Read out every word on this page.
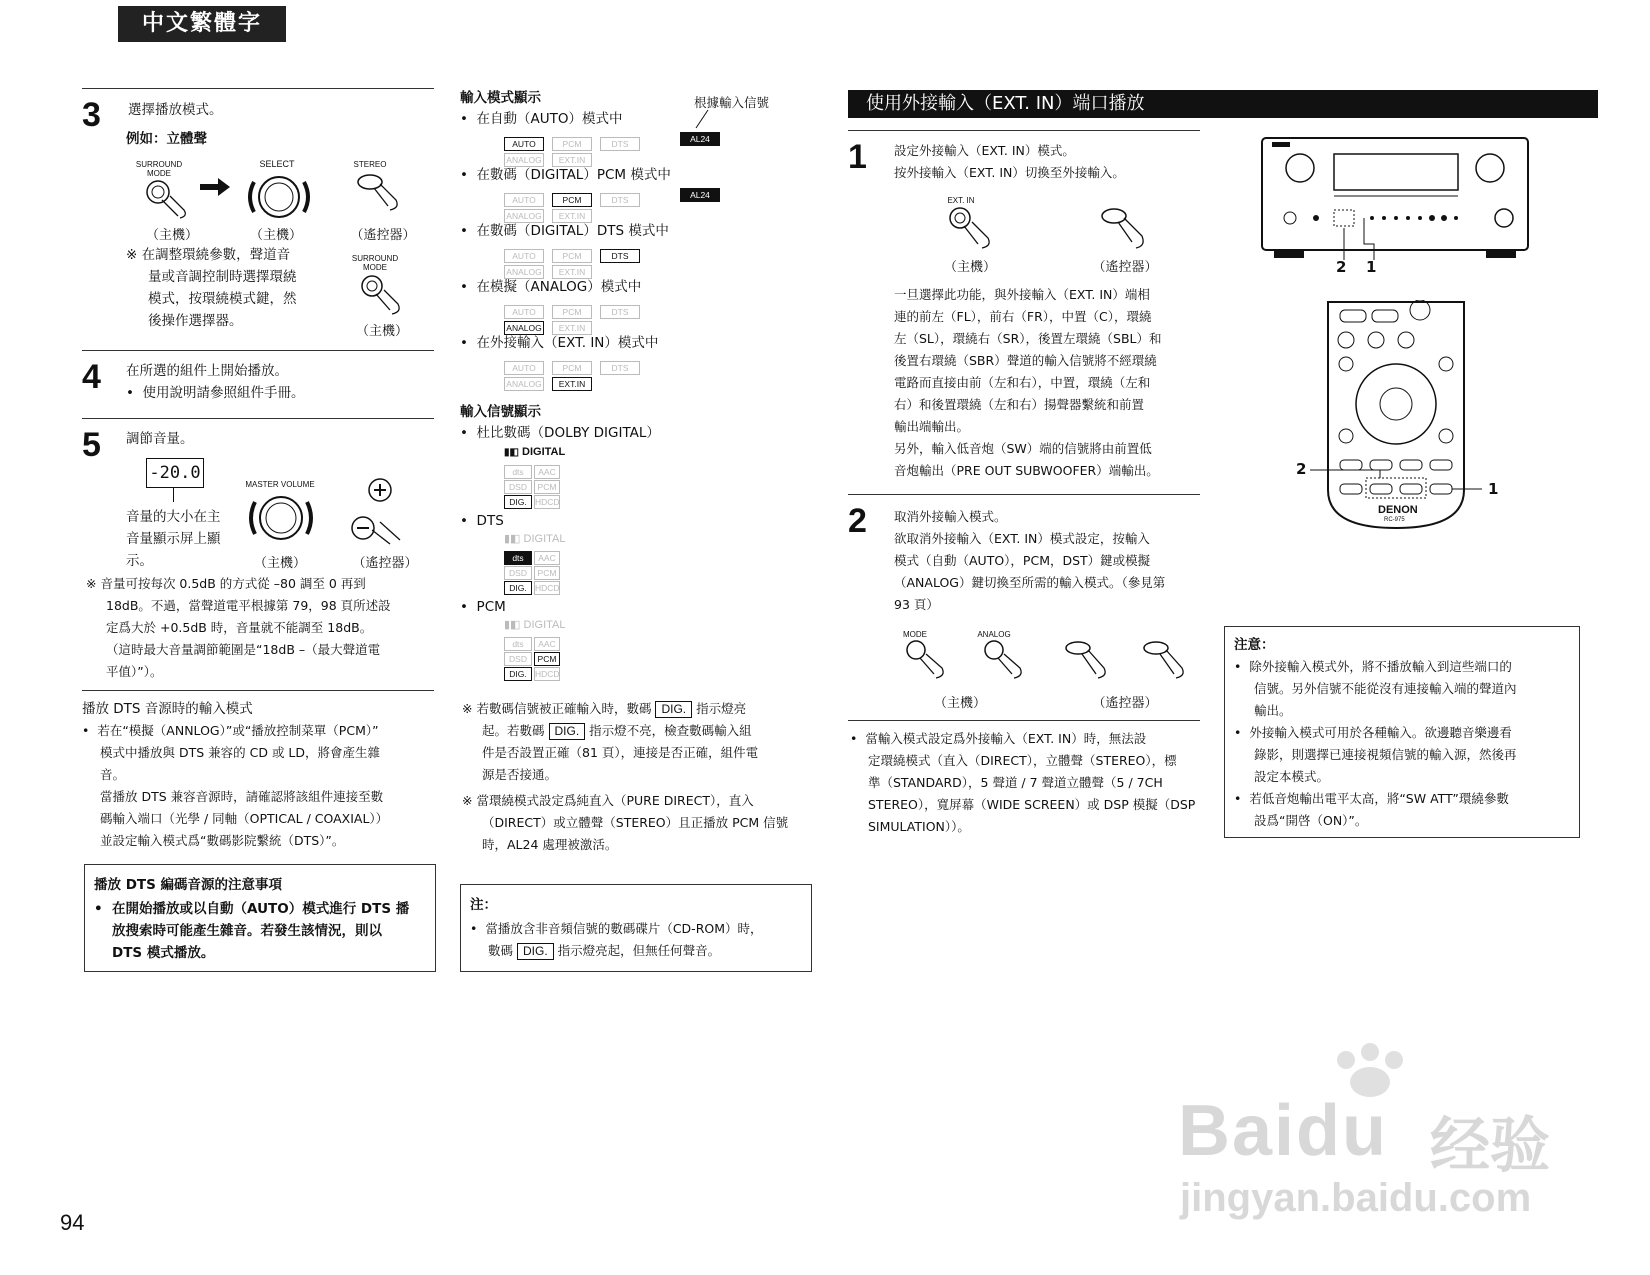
中文繁體字
3 選擇播放模式。
例如：立體聲
SURROUND MODE
SELECT	STEREO
（主機）	（主機）	（遙控器）
※ 在調整環繞參數，聲道音
量或音調控制時選擇環繞
模式，按環繞模式鍵，然
後操作選擇器。
SURROUND MODE
（主機）
4 在所選的組件上開始播放。
•  使用說明請參照組件手冊。
5 調節音量。
-20.0
音量的大小在主
音量顯示屏上顯
示。
MASTER VOLUME
（主機）	（遙控器）
※ 音量可按每次 0.5dB 的方式從 –80 調至 0 再到
18dB。不過，當聲道電平根據第 79，98 頁所述設
定爲大於 +0.5dB 時，音量就不能調至 18dB。
（這時最大音量調節範圍是“18dB –（最大聲道電
平值）”）。
播放 DTS 音源時的輸入模式
•  若在“模擬（ANNLOG）”或“播放控制菜單（PCM）”
模式中播放與 DTS 兼容的 CD 或 LD，將會產生雜
音。
當播放 DTS 兼容音源時，請確認將該組件連接至數
碼輸入端口（光學 / 同軸（OPTICAL / COAXIAL））
並設定輸入模式爲“數碼影院繫統（DTS）”。
播放 DTS 編碼音源的注意事項
•  在開始播放或以自動（AUTO）模式進行 DTS 播
放搜索時可能產生雜音。若發生該情況，則以
DTS 模式播放。
輸入模式顯示	根據輸入信號
•  在自動（AUTO）模式中
AUTO	PCM	DTS
ANALOG EXT.IN
AL24
•  在數碼（DIGITAL）PCM 模式中
AUTO	PCM	DTS
ANALOG EXT.IN
AL24
•  在數碼（DIGITAL）DTS 模式中
AUTO	PCM	DTS
ANALOG EXT.IN
•  在模擬（ANALOG）模式中
AUTO	PCM	DTS
ANALOG EXT.IN
•  在外接輸入（EXT. IN）模式中
AUTO	PCM	DTS
ANALOG EXT.IN
輸入信號顯示
•  杜比數碼（DOLBY DIGITAL）
▮◧ DIGITAL
dts AAC
DSD PCM
DIG. HDCD
•  DTS
▮◧ DIGITAL
dts AAC
DSD PCM
DIG. HDCD
•  PCM
▮◧ DIGITAL
dts AAC
DSD PCM
DIG. HDCD
※ 若數碼信號被正確輸入時，數碼 DIG. 指示燈亮
起。若數碼 DIG. 指示燈不亮，檢查數碼輸入組
件是否設置正確（81 頁），連接是否正確，組件電
源是否接通。
※ 當環繞模式設定爲純直入（PURE DIRECT），直入
（DIRECT）或立體聲（STEREO）且正播放 PCM 信號
時，AL24 處理被激活。
注：
•  當播放含非音頻信號的數碼碟片（CD-ROM）時，
數碼 DIG. 指示燈亮起，但無任何聲音。
使用外接輸入（EXT. IN）端口播放
1 設定外接輸入（EXT. IN）模式。
按外接輸入（EXT. IN）切換至外接輸入。
EXT. IN
（主機）	（遙控器）
一旦選擇此功能，與外接輸入（EXT. IN）端相
連的前左（FL），前右（FR），中置（C），環繞
左（SL），環繞右（SR），後置左環繞（SBL）和
後置右環繞（SBR）聲道的輸入信號將不經環繞
電路而直接由前（左和右），中置，環繞（左和
右）和後置環繞（左和右）揚聲器繫統和前置
輸出端輸出。
另外，輸入低音炮（SW）端的信號將由前置低
音炮輸出（PRE OUT SUBWOOFER）端輸出。
2 取消外接輸入模式。
欲取消外接輸入（EXT. IN）模式設定，按輸入
模式（自動（AUTO），PCM，DST）鍵或模擬
（ANALOG）鍵切換至所需的輸入模式。（參見第
93 頁）
MODE	ANALOG
（主機）	（遙控器）
•  當輸入模式設定爲外接輸入（EXT. IN）時，無法設
定環繞模式（直入（DIRECT），立體聲（STEREO），標
準（STANDARD），5 聲道 / 7 聲道立體聲（5 / 7CH
STEREO），寬屏幕（WIDE SCREEN）或 DSP 模擬（DSP
SIMULATION））。
2 1
DENON
RC-975
2
1
注意：
•  除外接輸入模式外，將不播放輸入到這些端口的
信號。另外信號不能從沒有連接輸入端的聲道內
輸出。
•  外接輸入模式可用於各種輸入。欲邊聽音樂邊看
錄影，則選擇已連接視頻信號的輸入源，然後再
設定本模式。
•  若低音炮輸出電平太高，將“SW ATT”環繞參數
設爲“開啓（ON）”。
Baidu 经验
jingyan.baidu.com
94
